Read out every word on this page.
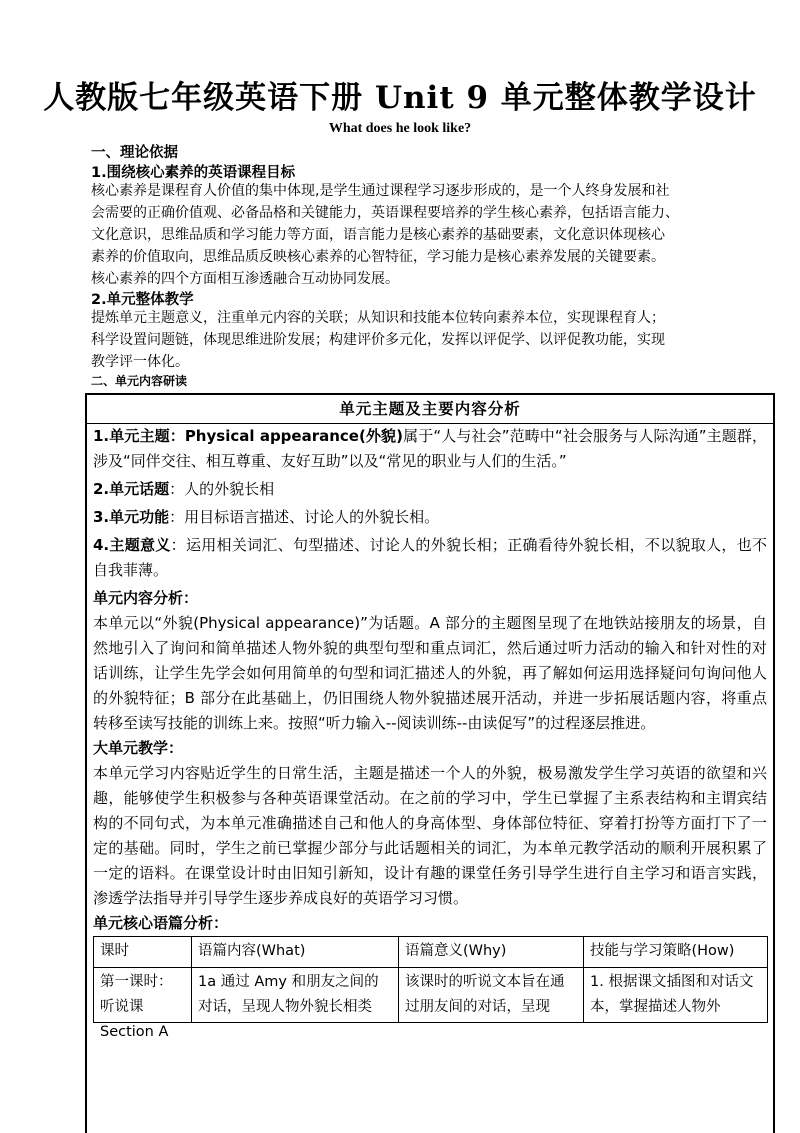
人教版七年级英语下册 Unit 9 单元整体教学设计
What does he look like?
一、理论依据
1.围绕核心素养的英语课程目标

核心素养是课程育人价值的集中体现,是学生通过课程学习逐步形成的，是一个人终身发展和社

会需要的正确价值观、必备品格和关键能力，英语课程要培养的学生核心素养，包括语言能力、

文化意识，思维品质和学习能力等方面，语言能力是核心素养的基础要素，文化意识体现核心

素养的价值取向，思维品质反映核心素养的心智特征，学习能力是核心素养发展的关键要素。

核心素养的四个方面相互渗透融合互动协同发展。

2.单元整体教学

提炼单元主题意义，注重单元内容的关联；从知识和技能本位转向素养本位，实现课程育人；

科学设置问题链，体现思维进阶发展；构建评价多元化，发挥以评促学、以评促教功能，实现

教学评一体化。

二、单元内容研读
单元主题及主要内容分析

1.单元主题：Physical appearance(外貌)属于“人与社会”范畴中“社会服务与人际沟通”主题群，涉及“同伴交往、相互尊重、友好互助”以及“常见的职业与人们的生活。”

2.单元话题：人的外貌长相

3.单元功能：用目标语言描述、讨论人的外貌长相。

4.主题意义：运用相关词汇、句型描述、讨论人的外貌长相；正确看待外貌长相，不以貌取人，也不自我菲薄。

单元内容分析：

本单元以“外貌(Physical appearance)”为话题。A 部分的主题图呈现了在地铁站接朋友的场景，自然地引入了询问和简单描述人物外貌的典型句型和重点词汇，然后通过听力活动的输入和针对性的对话训练，让学生先学会如何用简单的句型和词汇描述人的外貌，再了解如何运用选择疑问句询问他人的外貌特征；B 部分在此基础上，仍旧围绕人物外貌描述展开活动，并进一步拓展话题内容，将重点转移至读写技能的训练上来。按照“听力输入--阅读训练--由读促写”的过程逐层推进。

大单元教学：

本单元学习内容贴近学生的日常生活，主题是描述一个人的外貌，极易激发学生学习英语的欲望和兴趣，能够使学生积极参与各种英语课堂活动。在之前的学习中，学生已掌握了主系表结构和主谓宾结构的不同句式，为本单元准确描述自己和他人的身高体型、身体部位特征、穿着打扮等方面打下了一定的基础。同时，学生之前已掌握少部分与此话题相关的词汇，为本单元教学活动的顺利开展积累了一定的语料。在课堂设计时由旧知引新知，设计有趣的课堂任务引导学生进行自主学习和语言实践，渗透学法指导并引导学生逐步养成良好的英语学习习惯。

单元核心语篇分析：

课时	语篇内容(What)	语篇意义(Why)	技能与学习策略(How)

第一课时：听说课 Section A	1a 通过 Amy 和朋友之间的对话，呈现人物外貌长相类	该课时的听说文本旨在通过朋友间的对话，呈现	1. 根据课文插图和对话文本，掌握描述人物外
